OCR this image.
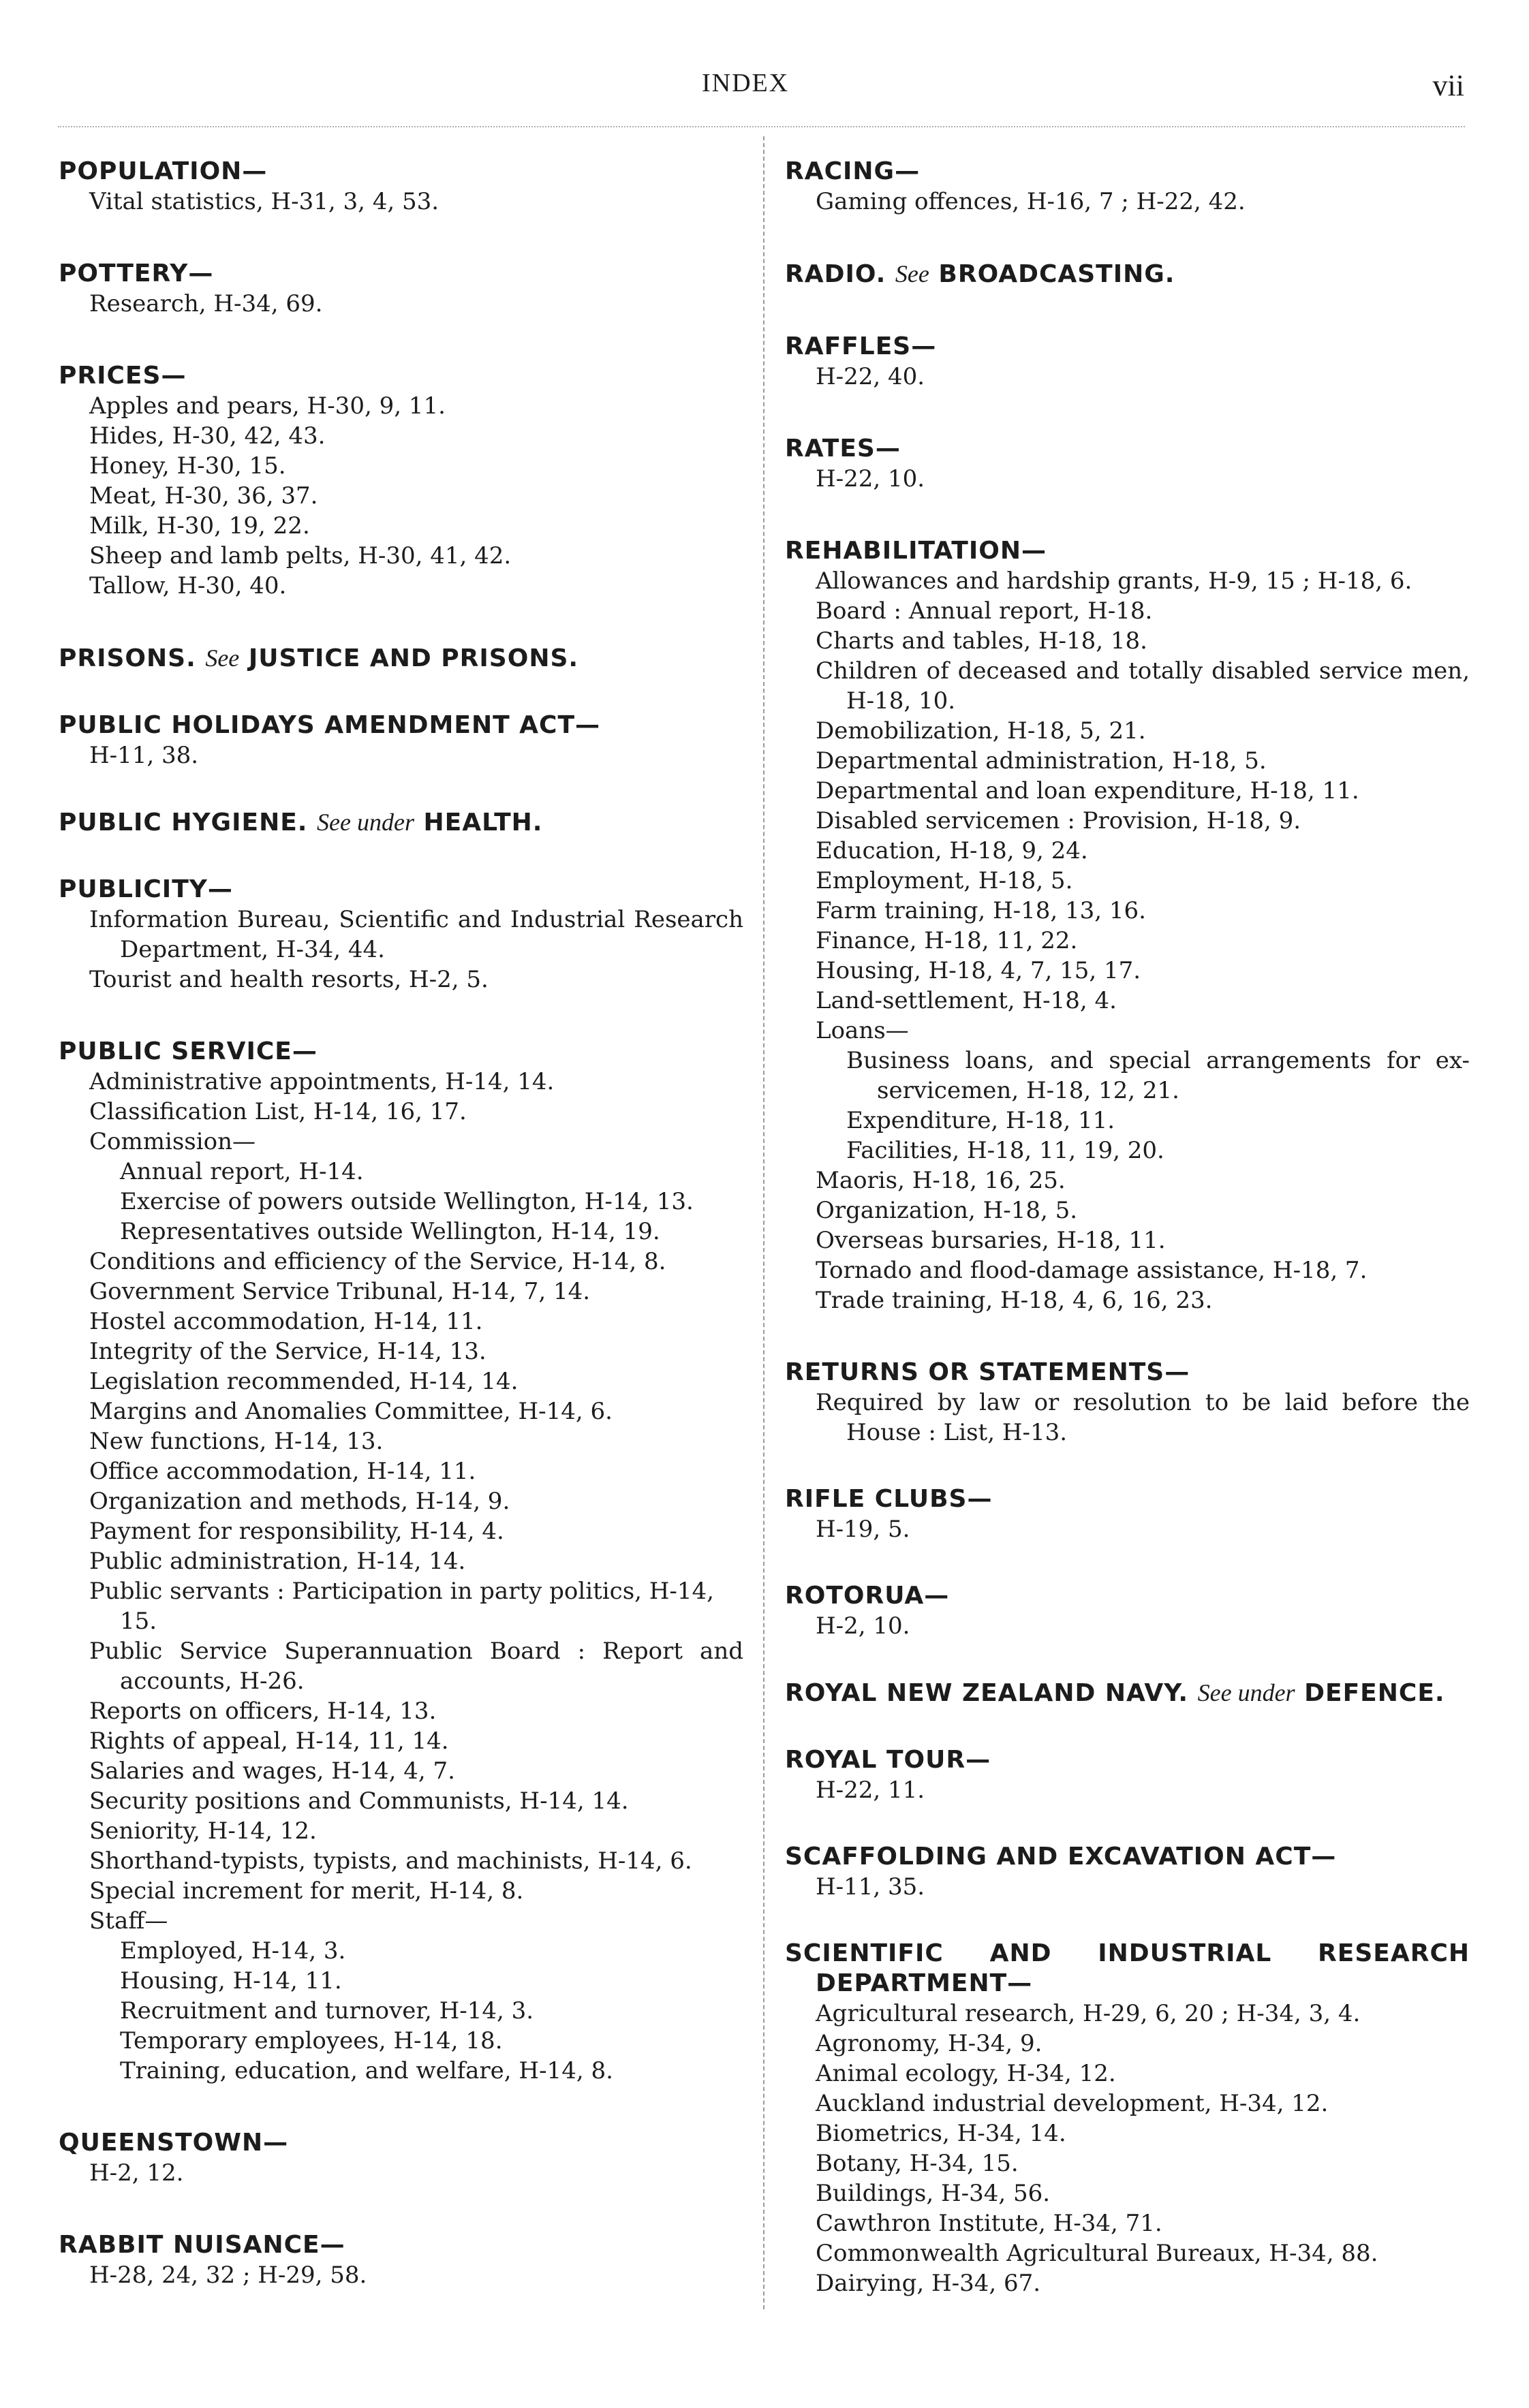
INDEX	vii
POPULATION—
Vital statistics, H-31, 3, 4, 53.
POTTERY—
Research, H-34, 69.
PRICES—
Apples and pears, H-30, 9, 11.
Hides, H-30, 42, 43.
Honey, H-30, 15.
Meat, H-30, 36, 37.
Milk, H-30, 19, 22.
Sheep and lamb pelts, H-30, 41, 42.
Tallow, H-30, 40.
PRISONS. See JUSTICE AND PRISONS.
PUBLIC HOLIDAYS AMENDMENT ACT—
H-11, 38.
PUBLIC HYGIENE. See under HEALTH.
PUBLICITY—
Information Bureau, Scientific and Industrial Research Department, H-34, 44.
Tourist and health resorts, H-2, 5.
PUBLIC SERVICE—
Administrative appointments, H-14, 14.
Classification List, H-14, 16, 17.
Commission—
Annual report, H-14.
Exercise of powers outside Wellington, H-14, 13.
Representatives outside Wellington, H-14, 19.
Conditions and efficiency of the Service, H-14, 8.
Government Service Tribunal, H-14, 7, 14.
Hostel accommodation, H-14, 11.
Integrity of the Service, H-14, 13.
Legislation recommended, H-14, 14.
Margins and Anomalies Committee, H-14, 6.
New functions, H-14, 13.
Office accommodation, H-14, 11.
Organization and methods, H-14, 9.
Payment for responsibility, H-14, 4.
Public administration, H-14, 14.
Public servants : Participation in party politics, H-14, 15.
Public Service Superannuation Board : Report and accounts, H-26.
Reports on officers, H-14, 13.
Rights of appeal, H-14, 11, 14.
Salaries and wages, H-14, 4, 7.
Security positions and Communists, H-14, 14.
Seniority, H-14, 12.
Shorthand-typists, typists, and machinists, H-14, 6.
Special increment for merit, H-14, 8.
Staff—
Employed, H-14, 3.
Housing, H-14, 11.
Recruitment and turnover, H-14, 3.
Temporary employees, H-14, 18.
Training, education, and welfare, H-14, 8.
QUEENSTOWN—
H-2, 12.
RABBIT NUISANCE—
H-28, 24, 32 ; H-29, 58.
RACING—
Gaming offences, H-16, 7 ; H-22, 42.
RADIO. See BROADCASTING.
RAFFLES—
H-22, 40.
RATES—
H-22, 10.
REHABILITATION—
Allowances and hardship grants, H-9, 15 ; H-18, 6.
Board : Annual report, H-18.
Charts and tables, H-18, 18.
Children of deceased and totally disabled service men, H-18, 10.
Demobilization, H-18, 5, 21.
Departmental administration, H-18, 5.
Departmental and loan expenditure, H-18, 11.
Disabled servicemen : Provision, H-18, 9.
Education, H-18, 9, 24.
Employment, H-18, 5.
Farm training, H-18, 13, 16.
Finance, H-18, 11, 22.
Housing, H-18, 4, 7, 15, 17.
Land-settlement, H-18, 4.
Loans—
Business loans, and special arrangements for ex-servicemen, H-18, 12, 21.
Expenditure, H-18, 11.
Facilities, H-18, 11, 19, 20.
Maoris, H-18, 16, 25.
Organization, H-18, 5.
Overseas bursaries, H-18, 11.
Tornado and flood-damage assistance, H-18, 7.
Trade training, H-18, 4, 6, 16, 23.
RETURNS OR STATEMENTS—
Required by law or resolution to be laid before the House : List, H-13.
RIFLE CLUBS—
H-19, 5.
ROTORUA—
H-2, 10.
ROYAL NEW ZEALAND NAVY. See under DEFENCE.
ROYAL TOUR—
H-22, 11.
SCAFFOLDING AND EXCAVATION ACT—
H-11, 35.
SCIENTIFIC AND INDUSTRIAL RESEARCH DEPARTMENT—
Agricultural research, H-29, 6, 20 ; H-34, 3, 4.
Agronomy, H-34, 9.
Animal ecology, H-34, 12.
Auckland industrial development, H-34, 12.
Biometrics, H-34, 14.
Botany, H-34, 15.
Buildings, H-34, 56.
Cawthron Institute, H-34, 71.
Commonwealth Agricultural Bureaux, H-34, 88.
Dairying, H-34, 67.
